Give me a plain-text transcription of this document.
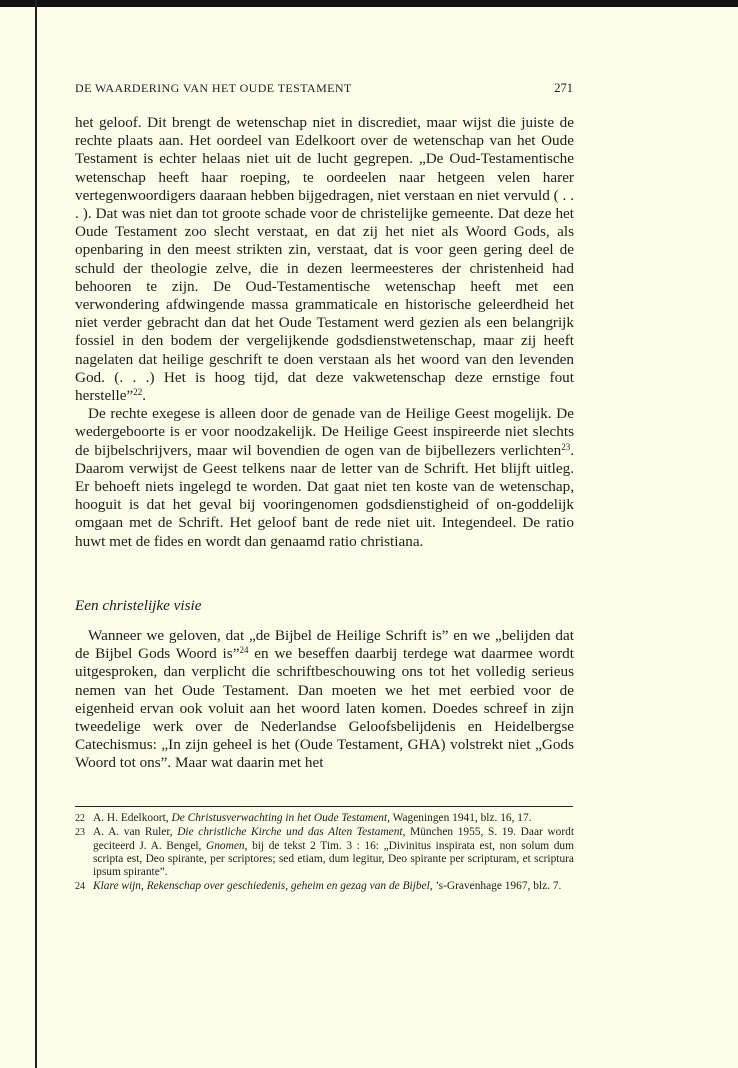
DE WAARDERING VAN HET OUDE TESTAMENT	271

het geloof. Dit brengt de wetenschap niet in discrediet, maar wijst die juiste de rechte plaats aan. Het oordeel van Edelkoort over de wetenschap van het Oude Testament is echter helaas niet uit de lucht gegrepen. „De Oud-Testamentische wetenschap heeft haar roeping, te oordeelen naar hetgeen velen harer vertegenwoordigers daaraan hebben bijgedragen, niet verstaan en niet vervuld ( . . . ). Dat was niet dan tot groote schade voor de christelijke gemeente. Dat deze het Oude Testament zoo slecht verstaat, en dat zij het niet als Woord Gods, als openbaring in den meest strikten zin, verstaat, dat is voor geen gering deel de schuld der theologie zelve, die in dezen leermeesteres der christenheid had behooren te zijn. De Oud-Testamentische wetenschap heeft met een verwondering afdwingende massa grammaticale en historische geleerdheid het niet verder gebracht dan dat het Oude Testament werd gezien als een belangrijk fossiel in den bodem der vergelijkende godsdienstwetenschap, maar zij heeft nagelaten dat heilige geschrift te doen verstaan als het woord van den levenden God. (. . .) Het is hoog tijd, dat deze vakwetenschap deze ernstige fout herstelle”$^{22}$.

De rechte exegese is alleen door de genade van de Heilige Geest mogelijk. De wedergeboorte is er voor noodzakelijk. De Heilige Geest inspireerde niet slechts de bijbelschrijvers, maar wil bovendien de ogen van de bijbellezers verlichten$^{23}$. Daarom verwijst de Geest telkens naar de letter van de Schrift. Het blijft uitleg. Er behoeft niets ingelegd te worden. Dat gaat niet ten koste van de wetenschap, hooguit is dat het geval bij vooringenomen godsdienstigheid of on-goddelijk omgaan met de Schrift. Het geloof bant de rede niet uit. Integendeel. De ratio huwt met de fides en wordt dan genaamd ratio christiana.

Een christelijke visie

Wanneer we geloven, dat „de Bijbel de Heilige Schrift is” en we „belijden dat de Bijbel Gods Woord is”$^{24}$ en we beseffen daarbij terdege wat daarmee wordt uitgesproken, dan verplicht die schriftbeschouwing ons tot het volledig serieus nemen van het Oude Testament. Dan moeten we het met eerbied voor de eigenheid ervan ook voluit aan het woord laten komen. Doedes schreef in zijn tweedelige werk over de Nederlandse Geloofsbelijdenis en Heidelbergse Catechismus: „In zijn geheel is het (Oude Testament, GHA) volstrekt niet „Gods Woord tot ons”. Maar wat daarin met het

22 A. H. Edelkoort, De Christusverwachting in het Oude Testament, Wageningen 1941, blz. 16, 17.
23 A. A. van Ruler, Die christliche Kirche und das Alten Testament, München 1955, S. 19. Daar wordt geciteerd J. A. Bengel, Gnomen, bij de tekst 2 Tim. 3 : 16: „Divinitus inspirata est, non solum dum scripta est, Deo spirante, per scriptores; sed etiam, dum legitur, Deo spirante per scripturam, et scriptura ipsum spirante”.
24 Klare wijn, Rekenschap over geschiedenis, geheim en gezag van de Bijbel, ’s-Gravenhage 1967, blz. 7.
